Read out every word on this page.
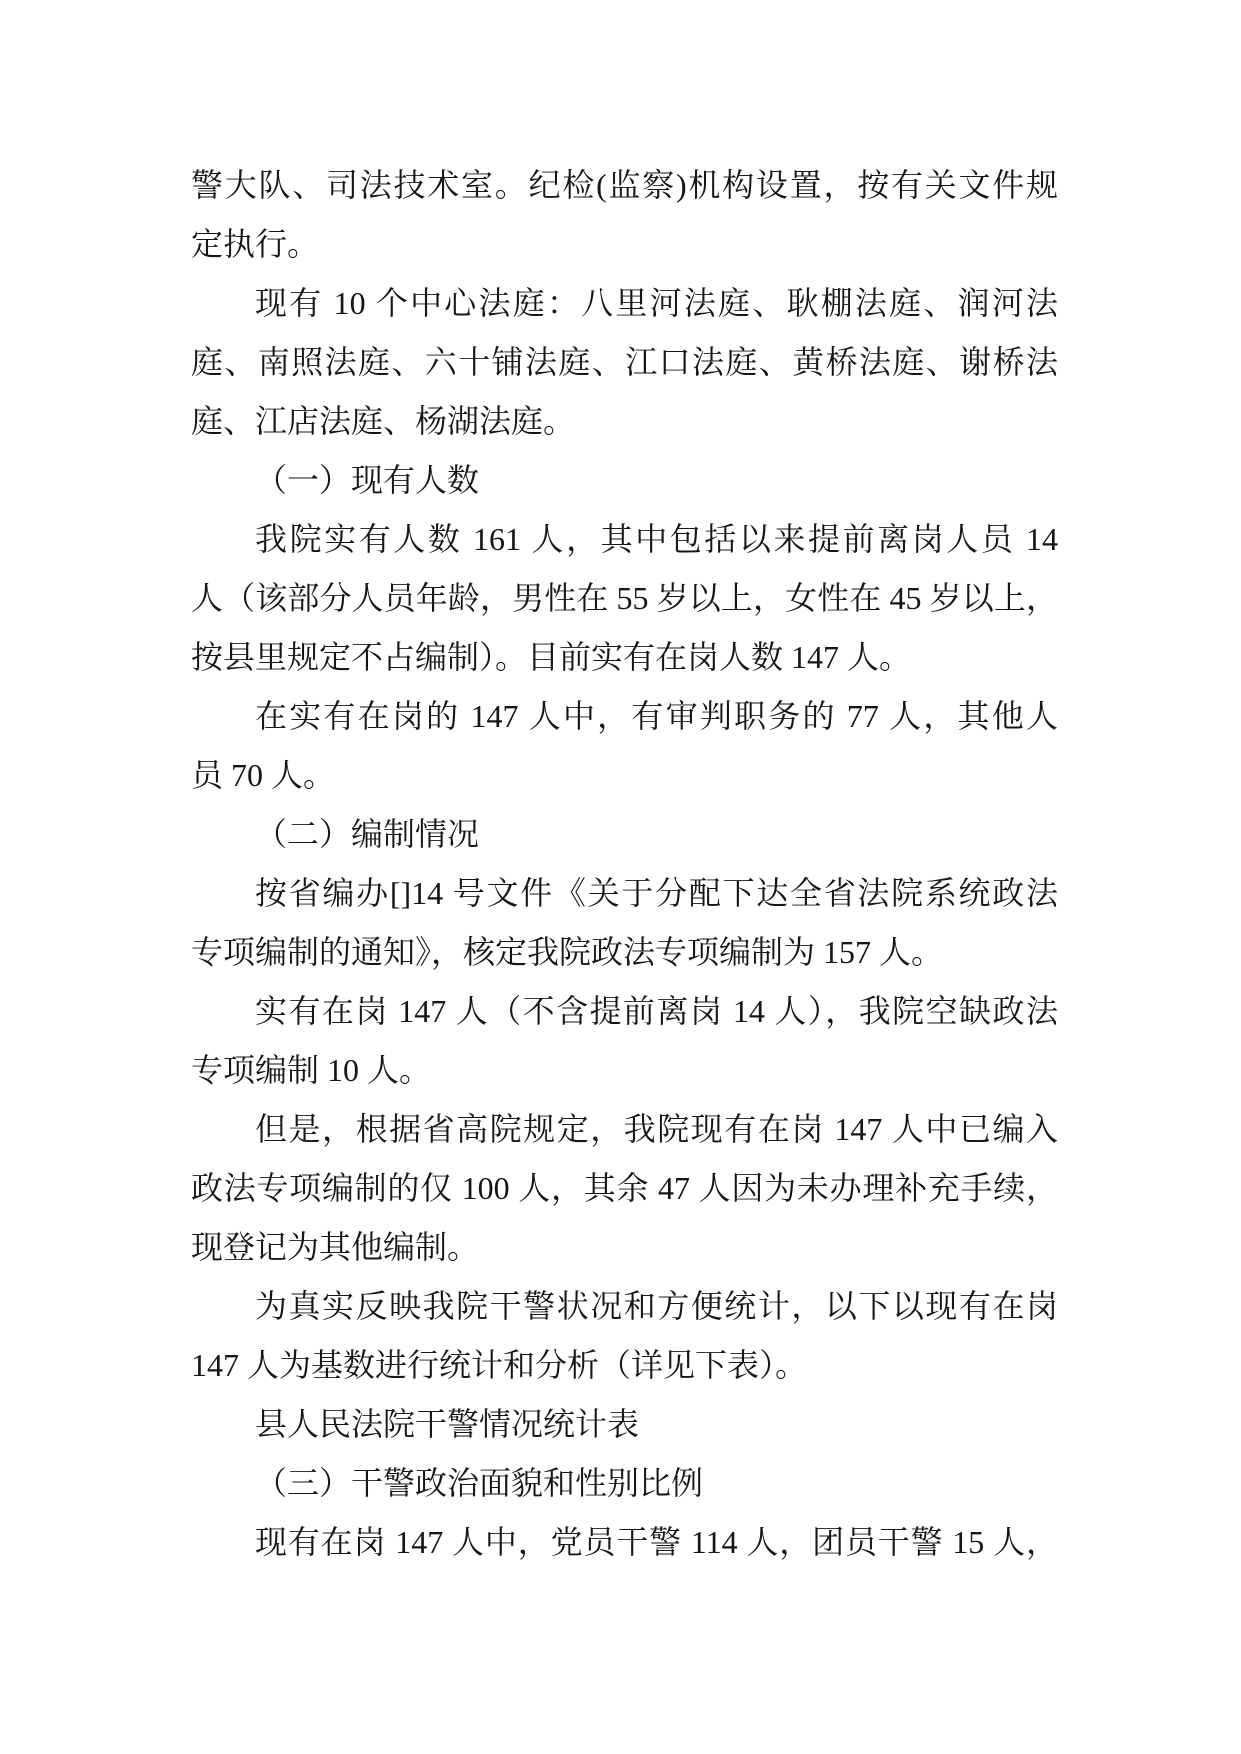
警大队、司法技术室。纪检(监察)机构设置，按有关文件规
定执行。
现有 10 个中心法庭：八里河法庭、耿棚法庭、润河法
庭、南照法庭、六十铺法庭、江口法庭、黄桥法庭、谢桥法
庭、江店法庭、杨湖法庭。
（一）现有人数
我院实有人数 161 人，其中包括以来提前离岗人员 14
人（该部分人员年龄，男性在 55 岁以上，女性在 45 岁以上，
按县里规定不占编制）。目前实有在岗人数 147 人。
在实有在岗的 147 人中，有审判职务的 77 人，其他人
员 70 人。
（二）编制情况
按省编办[]14 号文件《关于分配下达全省法院系统政法
专项编制的通知》，核定我院政法专项编制为 157 人。
实有在岗 147 人（不含提前离岗 14 人），我院空缺政法
专项编制 10 人。
但是，根据省高院规定，我院现有在岗 147 人中已编入
政法专项编制的仅 100 人，其余 47 人因为未办理补充手续，
现登记为其他编制。
为真实反映我院干警状况和方便统计，以下以现有在岗
147 人为基数进行统计和分析（详见下表）。
县人民法院干警情况统计表
（三）干警政治面貌和性别比例
现有在岗 147 人中，党员干警 114 人，团员干警 15 人，
